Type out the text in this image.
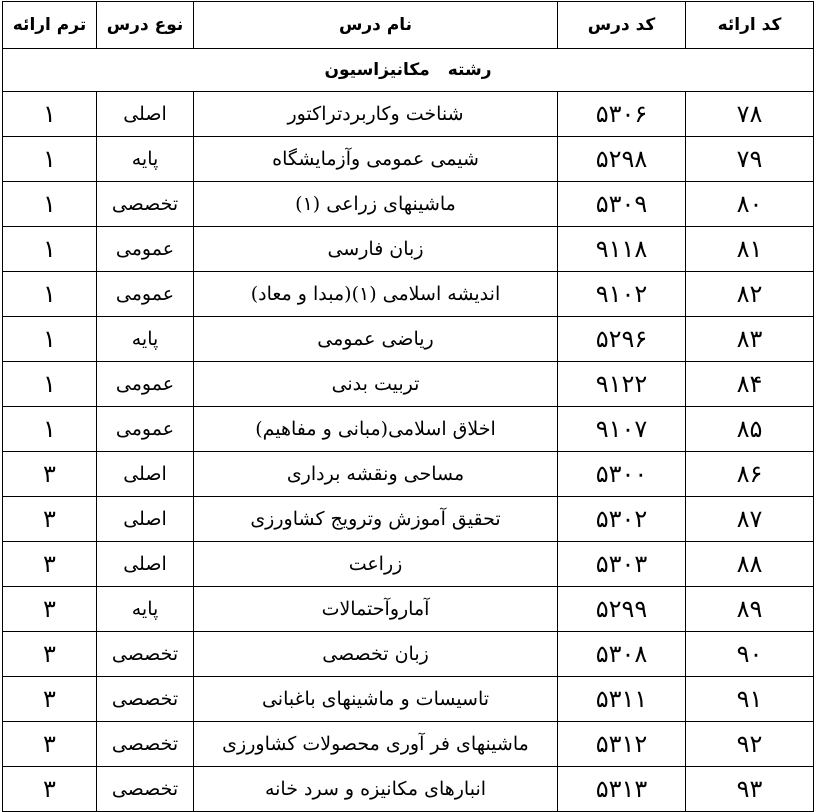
کد ارائه	کد درس	نام درس	نوع درس	ترم ارائه
رشته مکانیزاسیون				
۷۸	۵۳۰۶	شناخت وکاربردتراکتور	اصلی	۱
۷۹	۵۲۹۸	شیمی عمومی وآزمایشگاه	پایه	۱
۸۰	۵۳۰۹	ماشینهای زراعی (۱)	تخصصی	۱
۸۱	۹۱۱۸	زبان فارسی	عمومی	۱
۸۲	۹۱۰۲	اندیشه اسلامی (۱)(مبدا و معاد)	عمومی	۱
۸۳	۵۲۹۶	ریاضی عمومی	پایه	۱
۸۴	۹۱۲۲	تربیت بدنی	عمومی	۱
۸۵	۹۱۰۷	اخلاق اسلامی(مبانی و مفاهیم)	عمومی	۱
۸۶	۵۳۰۰	مساحی ونقشه برداری	اصلی	۳
۸۷	۵۳۰۲	تحقیق آموزش وترویج کشاورزی	اصلی	۳
۸۸	۵۳۰۳	زراعت	اصلی	۳
۸۹	۵۲۹۹	آماروآحتمالات	پایه	۳
۹۰	۵۳۰۸	زبان تخصصی	تخصصی	۳
۹۱	۵۳۱۱	تاسیسات و ماشینهای باغبانی	تخصصی	۳
۹۲	۵۳۱۲	ماشینهای فر آوری محصولات کشاورزی	تخصصی	۳
۹۳	۵۳۱۳	انبارهای مکانیزه و سرد خانه	تخصصی	۳
